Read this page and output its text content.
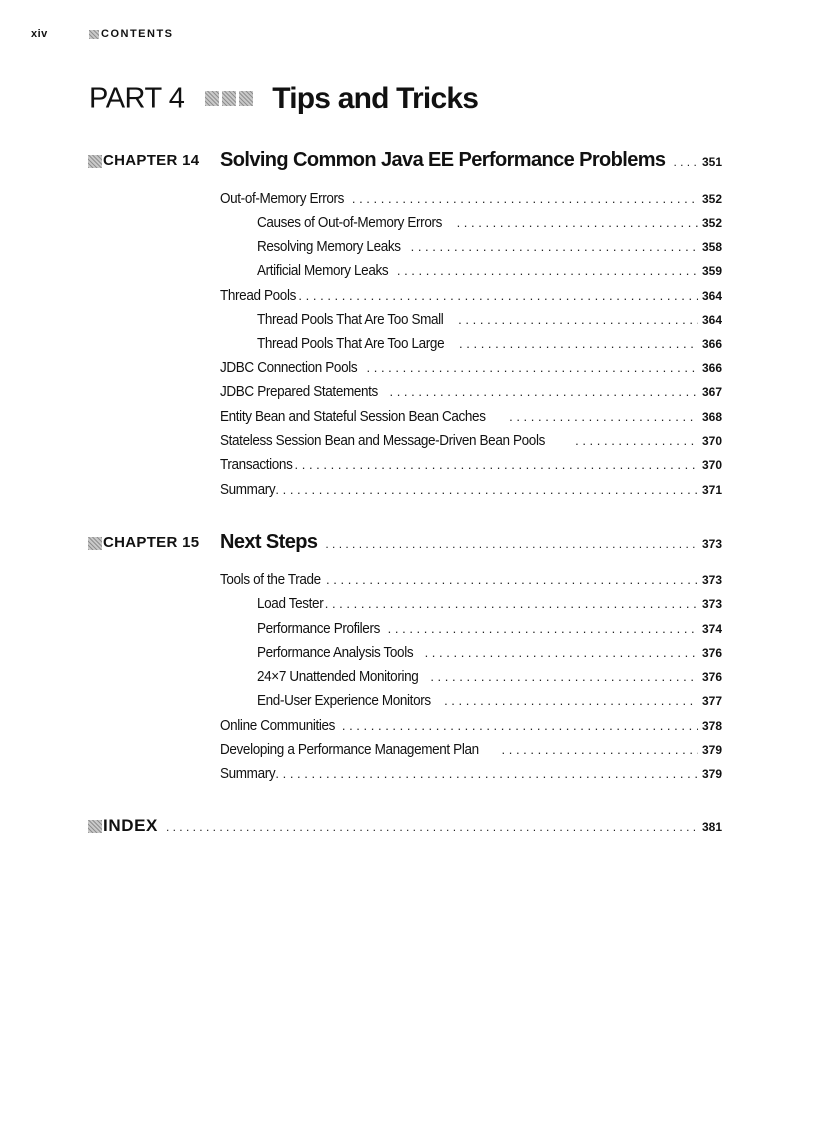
xiv	CONTENTS
PART 4	Tips and Tricks
CHAPTER 14 Solving Common Java EE Performance Problems . . .	351
Out-of-Memory Errors . . .	352
Causes of Out-of-Memory Errors . . .	352
Resolving Memory Leaks . . .	358
Artificial Memory Leaks . . .	359
Thread Pools . . .	364
Thread Pools That Are Too Small . . .	364
Thread Pools That Are Too Large . . .	366
JDBC Connection Pools . . .	366
JDBC Prepared Statements . . .	367
Entity Bean and Stateful Session Bean Caches . . .	368
Stateless Session Bean and Message-Driven Bean Pools . . .	370
Transactions . . .	370
Summary . . .	371
CHAPTER 15 Next Steps . . .	373
Tools of the Trade . . .	373
Load Tester . . .	373
Performance Profilers . . .	374
Performance Analysis Tools . . .	376
24×7 Unattended Monitoring . . .	376
End-User Experience Monitors . . .	377
Online Communities . . .	378
Developing a Performance Management Plan . . .	379
Summary . . .	379
INDEX . . .	381
